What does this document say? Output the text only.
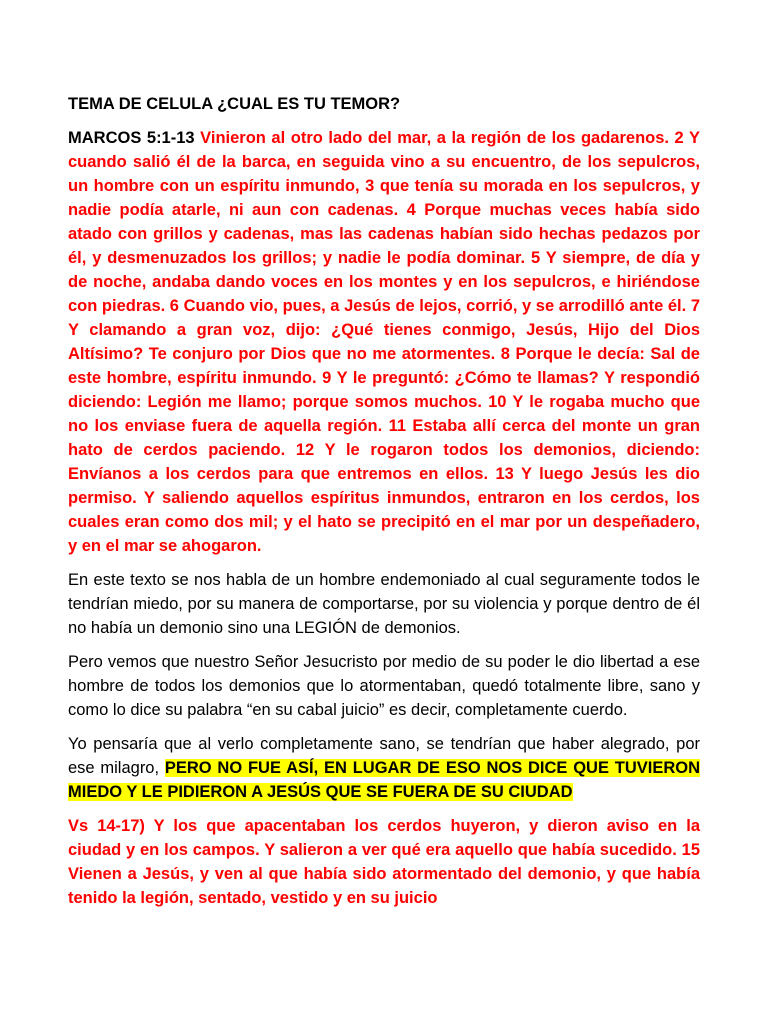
TEMA DE CELULA ¿CUAL ES TU TEMOR?

MARCOS 5:1-13 Vinieron al otro lado del mar, a la región de los gadarenos. 2 Y cuando salió él de la barca, en seguida vino a su encuentro, de los sepulcros, un hombre con un espíritu inmundo, 3 que tenía su morada en los sepulcros, y nadie podía atarle, ni aun con cadenas. 4 Porque muchas veces había sido atado con grillos y cadenas, mas las cadenas habían sido hechas pedazos por él, y desmenuzados los grillos; y nadie le podía dominar. 5 Y siempre, de día y de noche, andaba dando voces en los montes y en los sepulcros, e hiriéndose con piedras. 6 Cuando vio, pues, a Jesús de lejos, corrió, y se arrodilló ante él. 7 Y clamando a gran voz, dijo: ¿Qué tienes conmigo, Jesús, Hijo del Dios Altísimo? Te conjuro por Dios que no me atormentes. 8 Porque le decía: Sal de este hombre, espíritu inmundo. 9 Y le preguntó: ¿Cómo te llamas? Y respondió diciendo: Legión me llamo; porque somos muchos. 10 Y le rogaba mucho que no los enviase fuera de aquella región. 11 Estaba allí cerca del monte un gran hato de cerdos paciendo. 12 Y le rogaron todos los demonios, diciendo: Envíanos a los cerdos para que entremos en ellos. 13 Y luego Jesús les dio permiso. Y saliendo aquellos espíritus inmundos, entraron en los cerdos, los cuales eran como dos mil; y el hato se precipitó en el mar por un despeñadero, y en el mar se ahogaron.

En este texto se nos habla de un hombre endemoniado al cual seguramente todos le tendrían miedo, por su manera de comportarse, por su violencia y porque dentro de él no había un demonio sino una LEGIÓN de demonios.

Pero vemos que nuestro Señor Jesucristo por medio de su poder le dio libertad a ese hombre de todos los demonios que lo atormentaban, quedó totalmente libre, sano y como lo dice su palabra “en su cabal juicio” es decir, completamente cuerdo.

Yo pensaría que al verlo completamente sano, se tendrían que haber alegrado, por ese milagro, PERO NO FUE ASÍ, EN LUGAR DE ESO NOS DICE QUE TUVIERON MIEDO Y LE PIDIERON A JESÚS QUE SE FUERA DE SU CIUDAD

Vs 14-17) Y los que apacentaban los cerdos huyeron, y dieron aviso en la ciudad y en los campos. Y salieron a ver qué era aquello que había sucedido. 15 Vienen a Jesús, y ven al que había sido atormentado del demonio, y que había tenido la legión, sentado, vestido y en su juicio
